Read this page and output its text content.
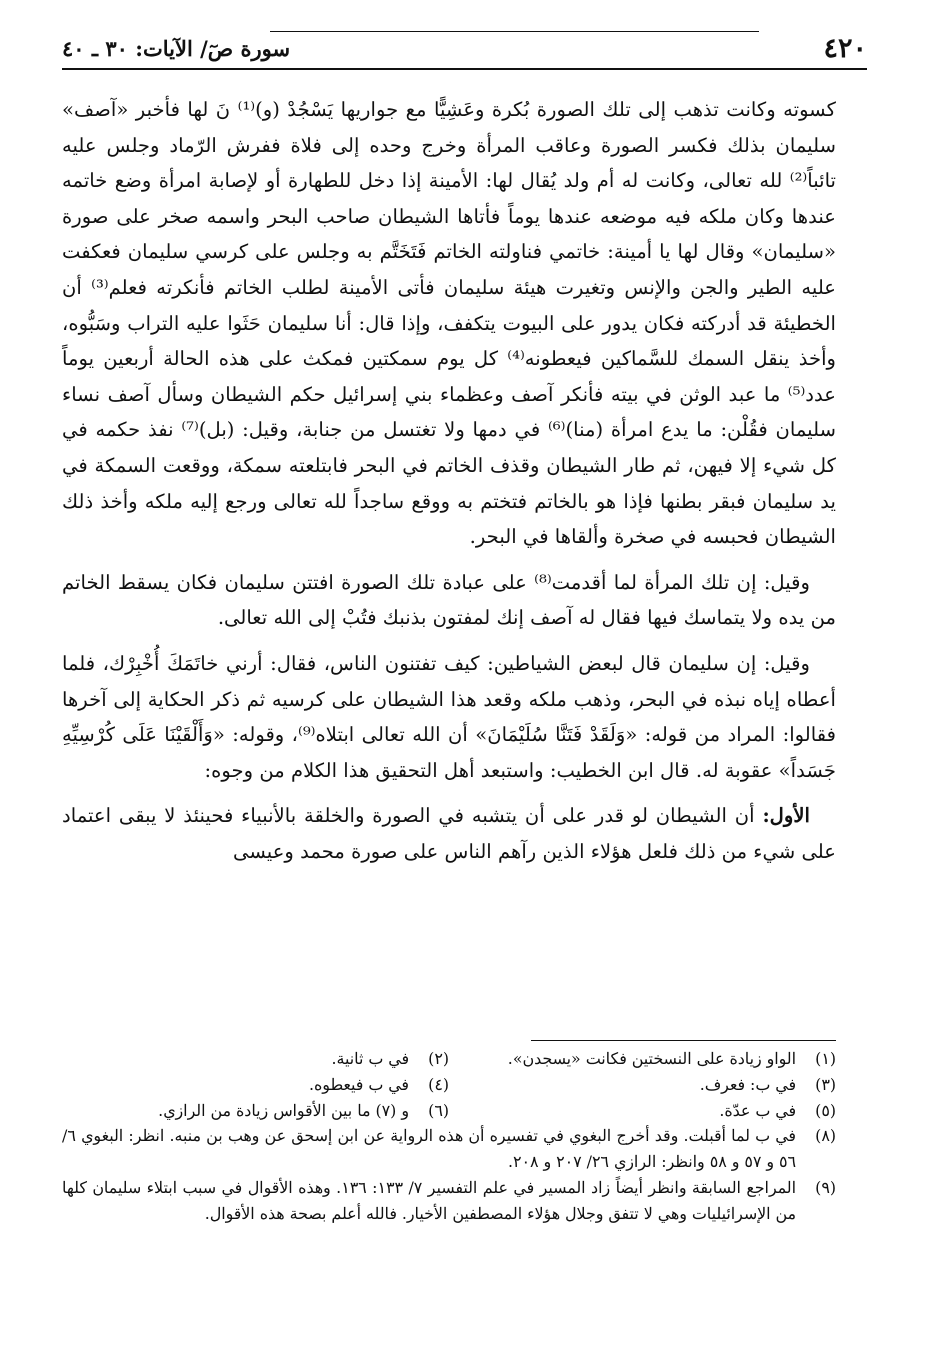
٤٢٠
سورة صٓ/ الآيات: ٣٠ ـ ٤٠

كسوته وكانت تذهب إلى تلك الصورة بُكرة وعَشِيًّا مع جواريها يَسْجُدْ (و)⁽¹⁾ نَ لها فأخبر «آصف» سليمان بذلك فكسر الصورة وعاقب المرأة وخرج وحده إلى فلاة ففرش الرّماد وجلس عليه تائباً⁽²⁾ لله تعالى، وكانت له أم ولد يُقال لها: الأمينة إذا دخل للطهارة أو لإصابة امرأة وضع خاتمه عندها وكان ملكه فيه موضعه عندها يوماً فأتاها الشيطان صاحب البحر واسمه صخر على صورة «سليمان» وقال لها يا أمينة: خاتمي فناولته الخاتم فَتَخَتَّم به وجلس على كرسي سليمان فعكفت عليه الطير والجن والإنس وتغيرت هيئة سليمان فأتى الأمينة لطلب الخاتم فأنكرته فعلم⁽³⁾ أن الخطيئة قد أدركته فكان يدور على البيوت يتكفف، وإذا قال: أنا سليمان حَثَوا عليه التراب وسَبُّوه، وأخذ ينقل السمك للسَّماكين فيعطونه⁽⁴⁾ كل يوم سمكتين فمكث على هذه الحالة أربعين يوماً عدد⁽⁵⁾ ما عبد الوثن في بيته فأنكر آصف وعظماء بني إسرائيل حكم الشيطان وسأل آصف نساء سليمان فقُلْن: ما يدع امرأة (منا)⁽⁶⁾ في دمها ولا تغتسل من جنابة، وقيل: (بل)⁽⁷⁾ نفذ حكمه في كل شيء إلا فيهن، ثم طار الشيطان وقذف الخاتم في البحر فابتلعته سمكة، ووقعت السمكة في يد سليمان فبقر بطنها فإذا هو بالخاتم فتختم به ووقع ساجداً لله تعالى ورجع إليه ملكه وأخذ ذلك الشيطان فحبسه في صخرة وألقاها في البحر.

وقيل: إن تلك المرأة لما أقدمت⁽⁸⁾ على عبادة تلك الصورة افتتن سليمان فكان يسقط الخاتم من يده ولا يتماسك فيها فقال له آصف إنك لمفتون بذنبك فتُبْ إلى الله تعالى.

وقيل: إن سليمان قال لبعض الشياطين: كيف تفتنون الناس، فقال: أرني خاتَمَكَ أُخْبِرْك، فلما أعطاه إياه نبذه في البحر، وذهب ملكه وقعد هذا الشيطان على كرسيه ثم ذكر الحكاية إلى آخرها فقالوا: المراد من قوله: «وَلَقَدْ فَتَنَّا سُلَيْمَانَ» أن الله تعالى ابتلاه⁽⁹⁾، وقوله: «وَأَلْقَيْنَا عَلَى كُرْسِيِّهِ جَسَداً» عقوبة له. قال ابن الخطيب: واستبعد أهل التحقيق هذا الكلام من وجوه:

الأول: أن الشيطان لو قدر على أن يتشبه في الصورة والخلقة بالأنبياء فحينئذ لا يبقى اعتماد على شيء من ذلك فلعل هؤلاء الذين رآهم الناس على صورة محمد وعيسى

(١)
الواو زيادة على النسختين فكانت «يسجدن».
(٢)
في ب ثانية.
(٣)
في ب: فعرف.
(٤)
في ب فيعطوه.
(٥)
في ب عدّة.
(٦)
و (٧) ما بين الأقواس زيادة من الرازي.
(٨)
في ب لما أقبلت. وقد أخرج البغوي في تفسيره أن هذه الرواية عن ابن إسحق عن وهب بن منبه. انظر: البغوي ٦/ ٥٦ و ٥٧ و ٥٨ وانظر: الرازي ٢٦/ ٢٠٧ و ٢٠٨.
(٩)
المراجع السابقة وانظر أيضاً زاد المسير في علم التفسير ٧/ ١٣٣: ١٣٦. وهذه الأقوال في سبب ابتلاء سليمان كلها من الإسرائيليات وهي لا تتفق وجلال هؤلاء المصطفين الأخيار. فالله أعلم بصحة هذه الأقوال.
